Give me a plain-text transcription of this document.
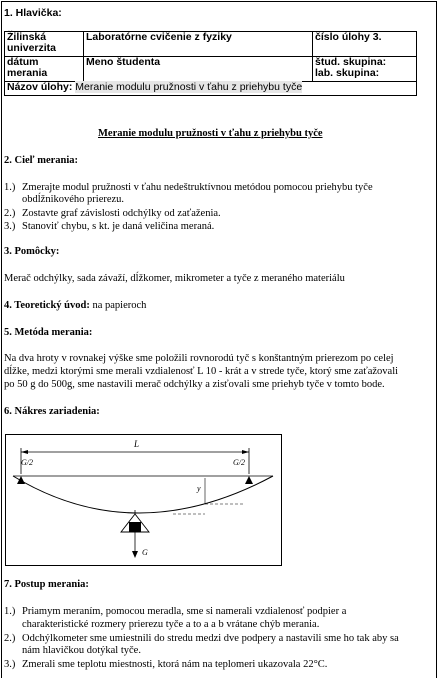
1. Hlavička:
Žilinská
univerzita	Laboratórne cvičenie z fyziky	číslo úlohy 3.
dátum merania	Meno študenta	štud. skupina:
lab. skupina:

Názov úlohy: Meranie modulu pružnosti v ťahu z priehybu tyče		
Meranie modulu pružnosti v ťahu z priehybu tyče
2. Cieľ merania:
1.) Zmerajte modul pružnosti v ťahu nedeštruktívnou metódou pomocou priehybu tyče
obdĺžnikového prierezu.
2.) Zostavte graf závislosti odchýlky od zaťaženia.
3.) Stanoviť chybu, s kt. je daná veličina meraná.
3. Pomôcky:
Merač odchýlky, sada závaží, dĺžkomer, mikrometer a tyče z meraného materiálu
4. Teoretický úvod: na papieroch
5. Metóda merania:
Na dva hroty v rovnakej výške sme položili rovnorodú tyč s konštantným prierezom po celej
dĺžke, medzi ktorými sme merali vzdialenosť L 10 - krát a v strede tyče, ktorý sme zaťažovali
po 50 g do 500g, sme nastavili merač odchýlky a zisťovali sme priehyb tyče v tomto bode.
6. Nákres zariadenia:
L
G/2	G/2
y
G
7. Postup merania:
1.) Priamym meraním, pomocou meradla, sme si namerali vzdialenosť podpier a
charakteristické rozmery prierezu tyče a to a a b vrátane chýb merania.
2.) Odchýlkometer sme umiestnili do stredu medzi dve podpery a nastavili sme ho tak aby sa
nám hlavičkou dotýkal tyče.
3.) Zmerali sme teplotu miestnosti, ktorá nám na teplomeri ukazovala 22°C.
